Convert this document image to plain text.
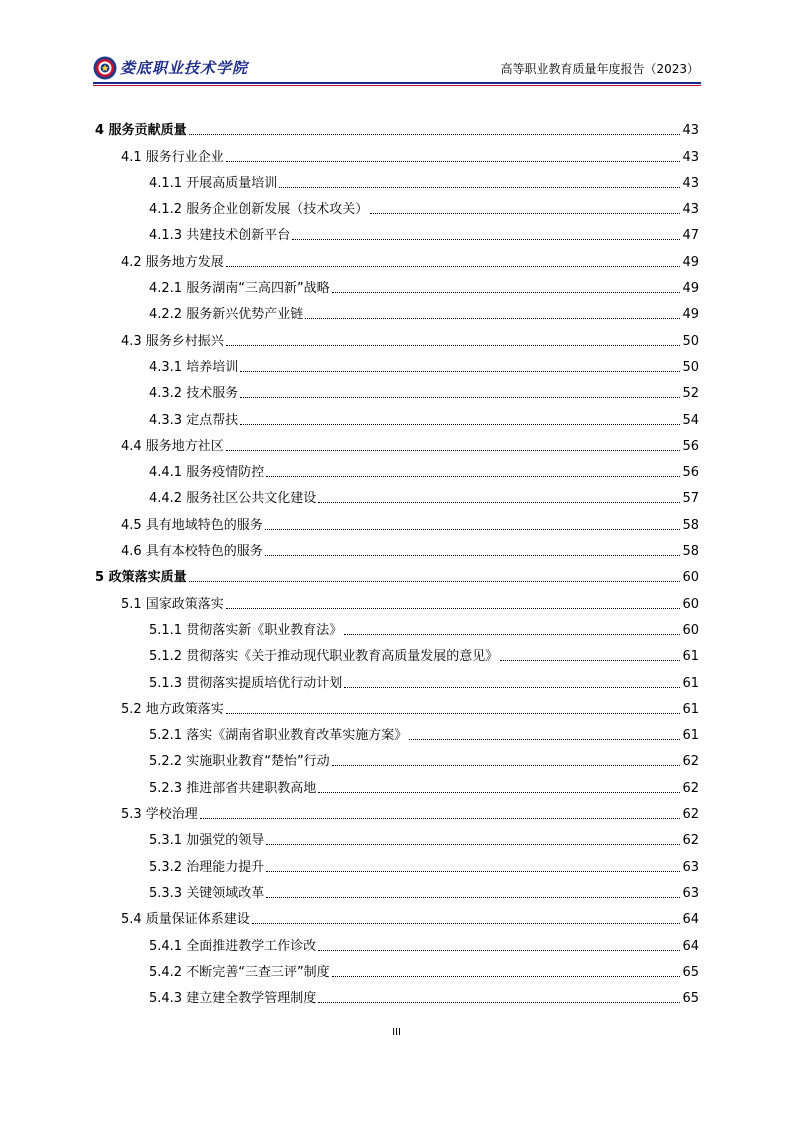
娄底职业技术学院	高等职业教育质量年度报告（2023）
4 服务贡献质量	43
4.1 服务行业企业	43
4.1.1 开展高质量培训	43
4.1.2 服务企业创新发展（技术攻关）	43
4.1.3 共建技术创新平台	47
4.2 服务地方发展	49
4.2.1 服务湖南“三高四新”战略	49
4.2.2 服务新兴优势产业链	49
4.3 服务乡村振兴	50
4.3.1 培养培训	50
4.3.2 技术服务	52
4.3.3 定点帮扶	54
4.4 服务地方社区	56
4.4.1 服务疫情防控	56
4.4.2 服务社区公共文化建设	57
4.5 具有地域特色的服务	58
4.6 具有本校特色的服务	58
5 政策落实质量	60
5.1 国家政策落实	60
5.1.1 贯彻落实新《职业教育法》	60
5.1.2 贯彻落实《关于推动现代职业教育高质量发展的意见》	61
5.1.3 贯彻落实提质培优行动计划	61
5.2 地方政策落实	61
5.2.1 落实《湖南省职业教育改革实施方案》	61
5.2.2 实施职业教育“楚怡”行动	62
5.2.3 推进部省共建职教高地	62
5.3 学校治理	62
5.3.1 加强党的领导	62
5.3.2 治理能力提升	63
5.3.3 关键领域改革	63
5.4 质量保证体系建设	64
5.4.1 全面推进教学工作诊改	64
5.4.2 不断完善“三查三评”制度	65
5.4.3 建立建全教学管理制度	65
III
